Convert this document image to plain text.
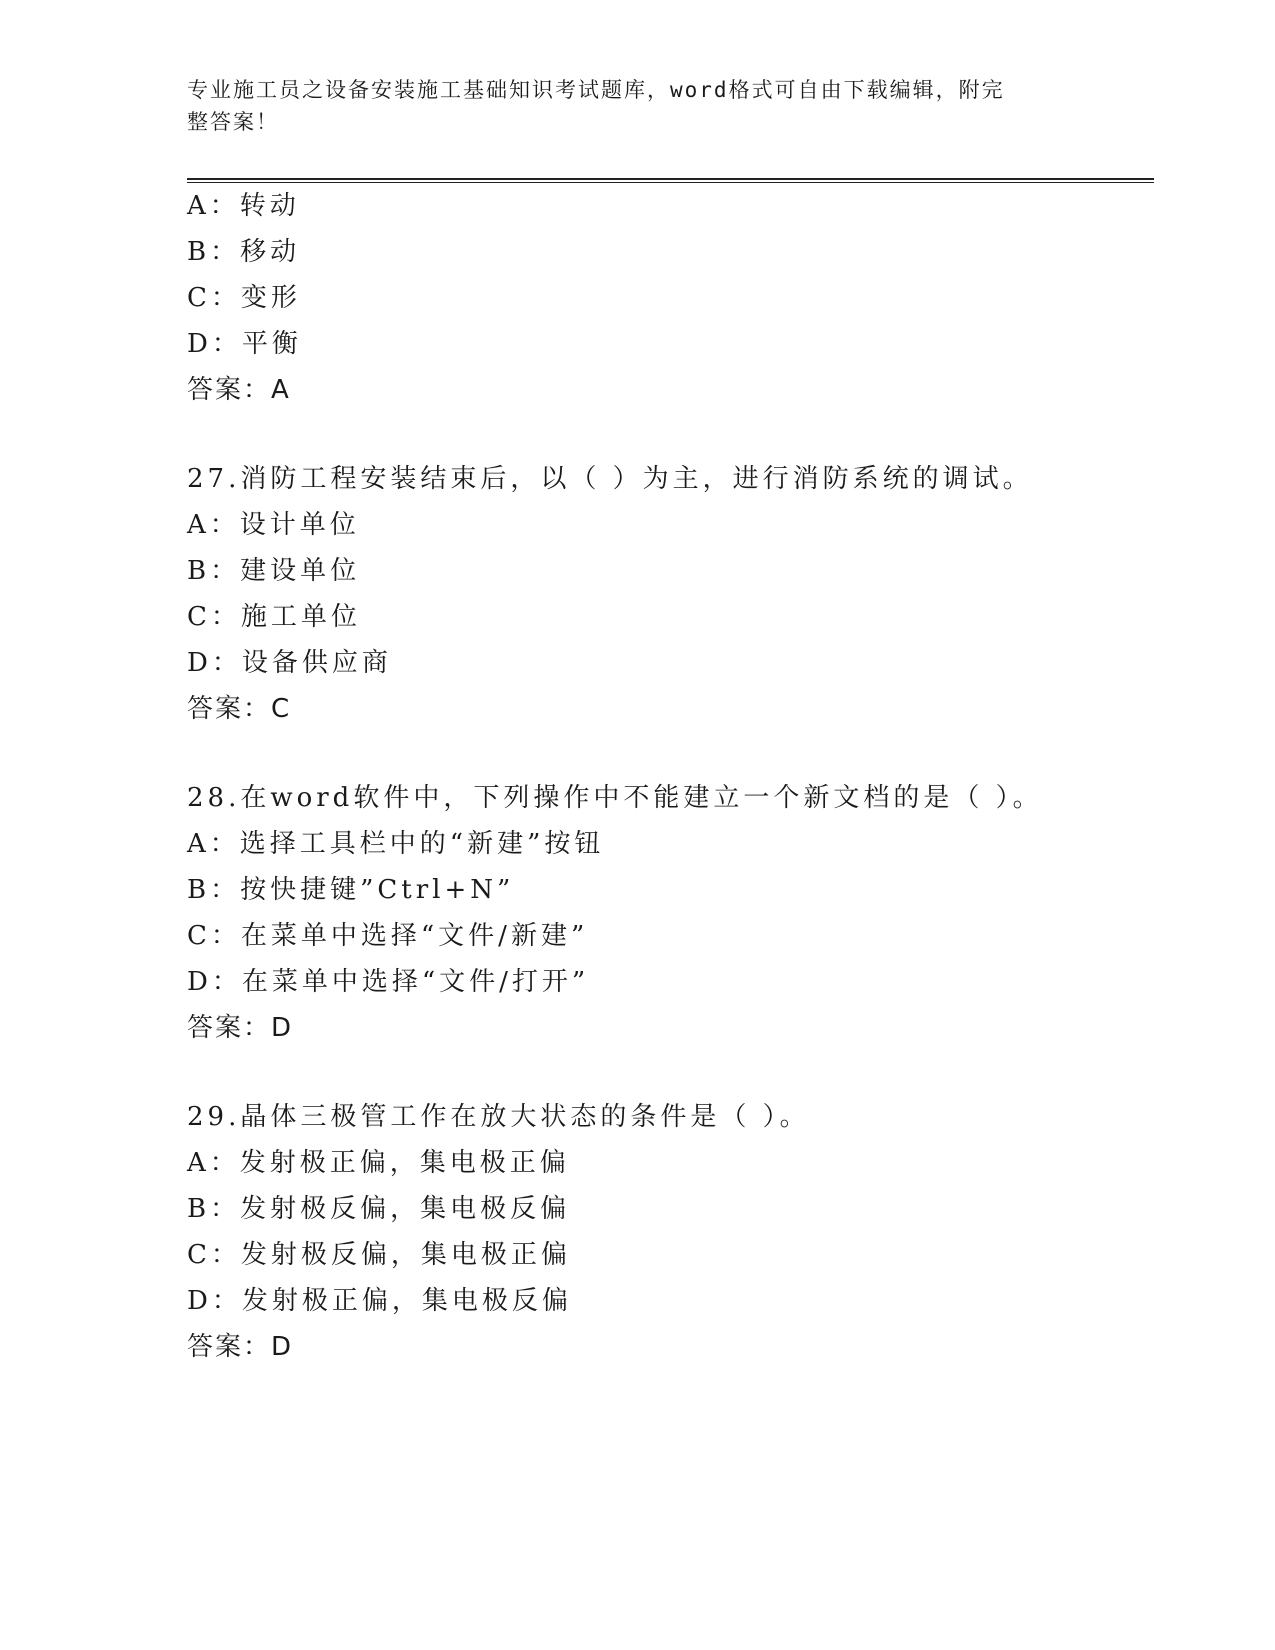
专业施工员之设备安装施工基础知识考试题库，word格式可自由下载编辑，附完
整答案！
A：转动
B：移动
C：变形
D：平衡
答案：A
27.消防工程安装结束后，以（ ）为主，进行消防系统的调试。
A：设计单位
B：建设单位
C：施工单位
D：设备供应商
答案：C
28.在word软件中，下列操作中不能建立一个新文档的是（ ）。
A：选择工具栏中的“新建”按钮
B：按快捷键”Ctrl+N”
C：在菜单中选择“文件/新建”
D：在菜单中选择“文件/打开”
答案：D
29.晶体三极管工作在放大状态的条件是（ ）。
A：发射极正偏，集电极正偏
B：发射极反偏，集电极反偏
C：发射极反偏，集电极正偏
D：发射极正偏，集电极反偏
答案：D
